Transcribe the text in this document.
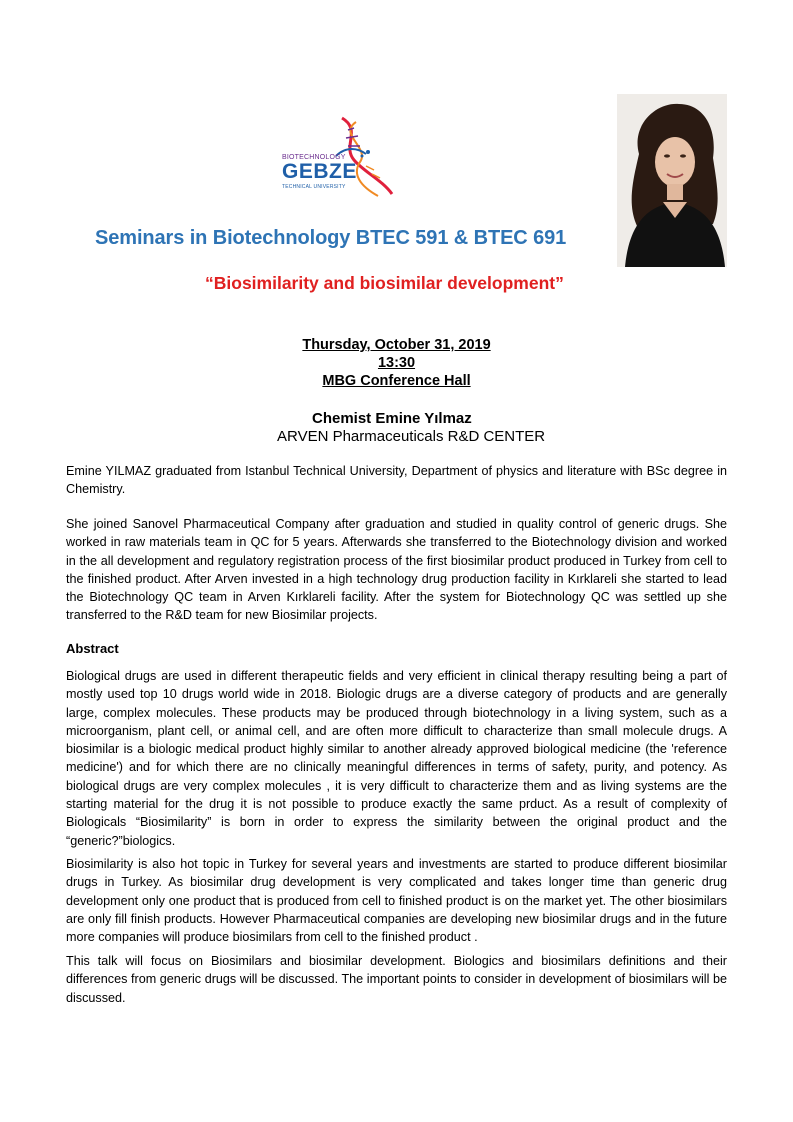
BIOTECHNOLOGY
GEBZE
TECHNICAL UNIVERSITY
Seminars in Biotechnology BTEC 591 & BTEC 691
“Biosimilarity and biosimilar development”
Thursday, October 31, 2019
13:30
MBG Conference Hall
Chemist Emine Yılmaz
ARVEN Pharmaceuticals R&D CENTER

Emine YILMAZ graduated from Istanbul Technical University, Department of physics and literature with BSc degree in Chemistry.

She joined Sanovel Pharmaceutical Company after graduation and studied in quality control of generic drugs. She worked in raw materials team in QC for 5 years. Afterwards she transferred to the Biotechnology division and worked in the all development and regulatory registration process of the first biosimilar product produced in Turkey from cell to the finished product. After Arven invested in a high technology drug production facility in Kırklareli she started to lead the Biotechnology QC team in Arven Kırklareli facility. After the system for Biotechnology QC was settled up she transferred to the R&D team for new Biosimilar projects.

Abstract

Biological drugs are used in different therapeutic fields and very efficient in clinical therapy resulting being a part of mostly used top 10 drugs world wide in 2018. Biologic drugs are a diverse category of products and are generally large, complex molecules. These products may be produced through biotechnology in a living system, such as a microorganism, plant cell, or animal cell, and are often more difficult to characterize than small molecule drugs. A biosimilar is a biologic medical product highly similar to another already approved biological medicine (the 'reference medicine') and for which there are no clinically meaningful differences in terms of safety, purity, and potency. As biological drugs are very complex molecules , it is very difficult to characterize them and as living systems are the starting material for the drug it is not possible to produce exactly the same prduct. As a result of complexity of Biologicals “Biosimilarity” is born in order to express the similarity between the original product and the “generic?”biologics.

Biosimilarity is also hot topic in Turkey for several years and investments are started to produce different biosimilar drugs in Turkey. As biosimilar drug development is very complicated and takes longer time than generic drug development only one product that is produced from cell to finished product is on the market yet. The other biosimilars are only fill finish products. However Pharmaceutical companies are developing new biosimilar drugs and in the future more companies will produce biosimilars from cell to the finished product .

This talk will focus on Biosimilars and biosimilar development. Biologics and biosimilars definitions and their differences from generic drugs will be discussed. The important points to consider in development of biosimilars will be discussed.
